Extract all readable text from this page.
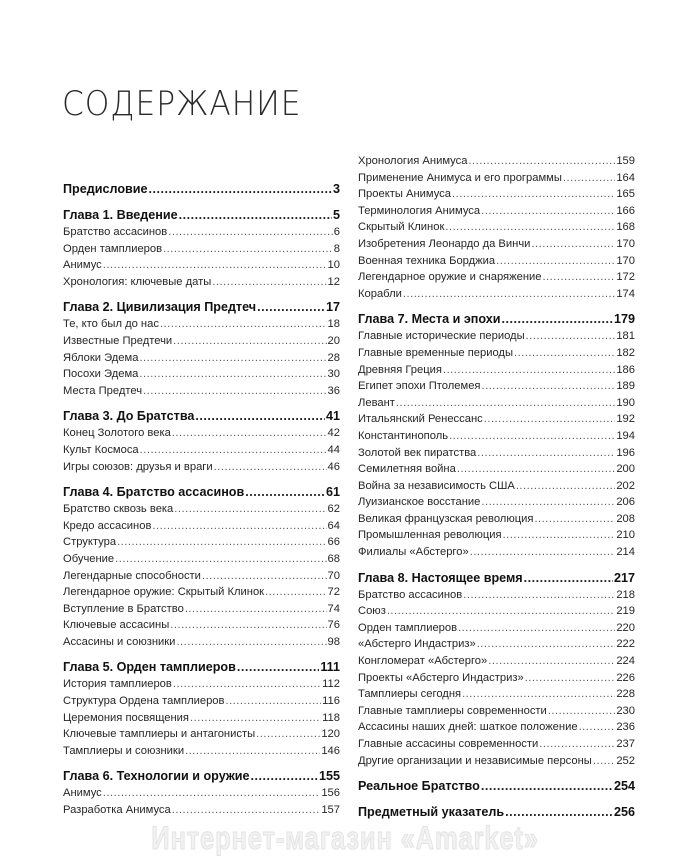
СОДЕРЖАНИЕ
Предисловие .....	3
Глава 1. Введение .....	5
Братство ассасинов .....	6
Орден тамплиеров .....	8
Анимус .....	10
Хронология: ключевые даты .....	12
Глава 2. Цивилизация Предтеч .....	17
Те, кто был до нас .....	18
Известные Предтечи .....	20
Яблоки Эдема .....	28
Посохи Эдема .....	30
Места Предтеч .....	36
Глава 3. До Братства .....	41
Конец Золотого века .....	42
Культ Космоса .....	44
Игры союзов: друзья и враги .....	46
Глава 4. Братство ассасинов .....	61
Братство сквозь века .....	62
Кредо ассасинов .....	64
Структура .....	66
Обучение .....	68
Легендарные способности .....	70
Легендарное оружие: Скрытый Клинок .....	72
Вступление в Братство .....	74
Ключевые ассасины .....	76
Ассасины и союзники .....	98
Глава 5. Орден тамплиеров .....	111
История тамплиеров .....	112
Структура Ордена тамплиеров .....	116
Церемония посвящения .....	118
Ключевые тамплиеры и антагонисты .....	120
Тамплиеры и союзники .....	146
Глава 6. Технологии и оружие .....	155
Анимус .....	156
Разработка Анимуса .....	157
Хронология Анимуса .....	159
Применение Анимуса и его программы .....	164
Проекты Анимуса .....	165
Терминология Анимуса .....	166
Скрытый Клинок .....	168
Изобретения Леонардо да Винчи .....	170
Военная техника Борджиа .....	170
Легендарное оружие и снаряжение .....	172
Корабли .....	174
Глава 7. Места и эпохи .....	179
Главные исторические периоды .....	181
Главные временные периоды .....	182
Древняя Греция .....	186
Египет эпохи Птолемея .....	189
Левант .....	190
Итальянский Ренессанс .....	192
Константинополь .....	194
Золотой век пиратства .....	196
Семилетняя война .....	200
Война за независимость США .....	202
Луизианское восстание .....	206
Великая французская революция .....	208
Промышленная революция .....	210
Филиалы «Абстерго» .....	214
Глава 8. Настоящее время .....	217
Братство ассасинов .....	218
Союз .....	219
Орден тамплиеров .....	220
«Абстерго Индастриз» .....	222
Конгломерат «Абстерго» .....	224
Проекты «Абстерго Индастриз» .....	226
Тамплиеры сегодня .....	228
Главные тамплиеры современности .....	230
Ассасины наших дней: шаткое положение .....	236
Главные ассасины современности .....	237
Другие организации и независимые персоны ..... 252
Реальное Братство .....	254
Предметный указатель .....	256
Интернет-магазин «Amarket»
